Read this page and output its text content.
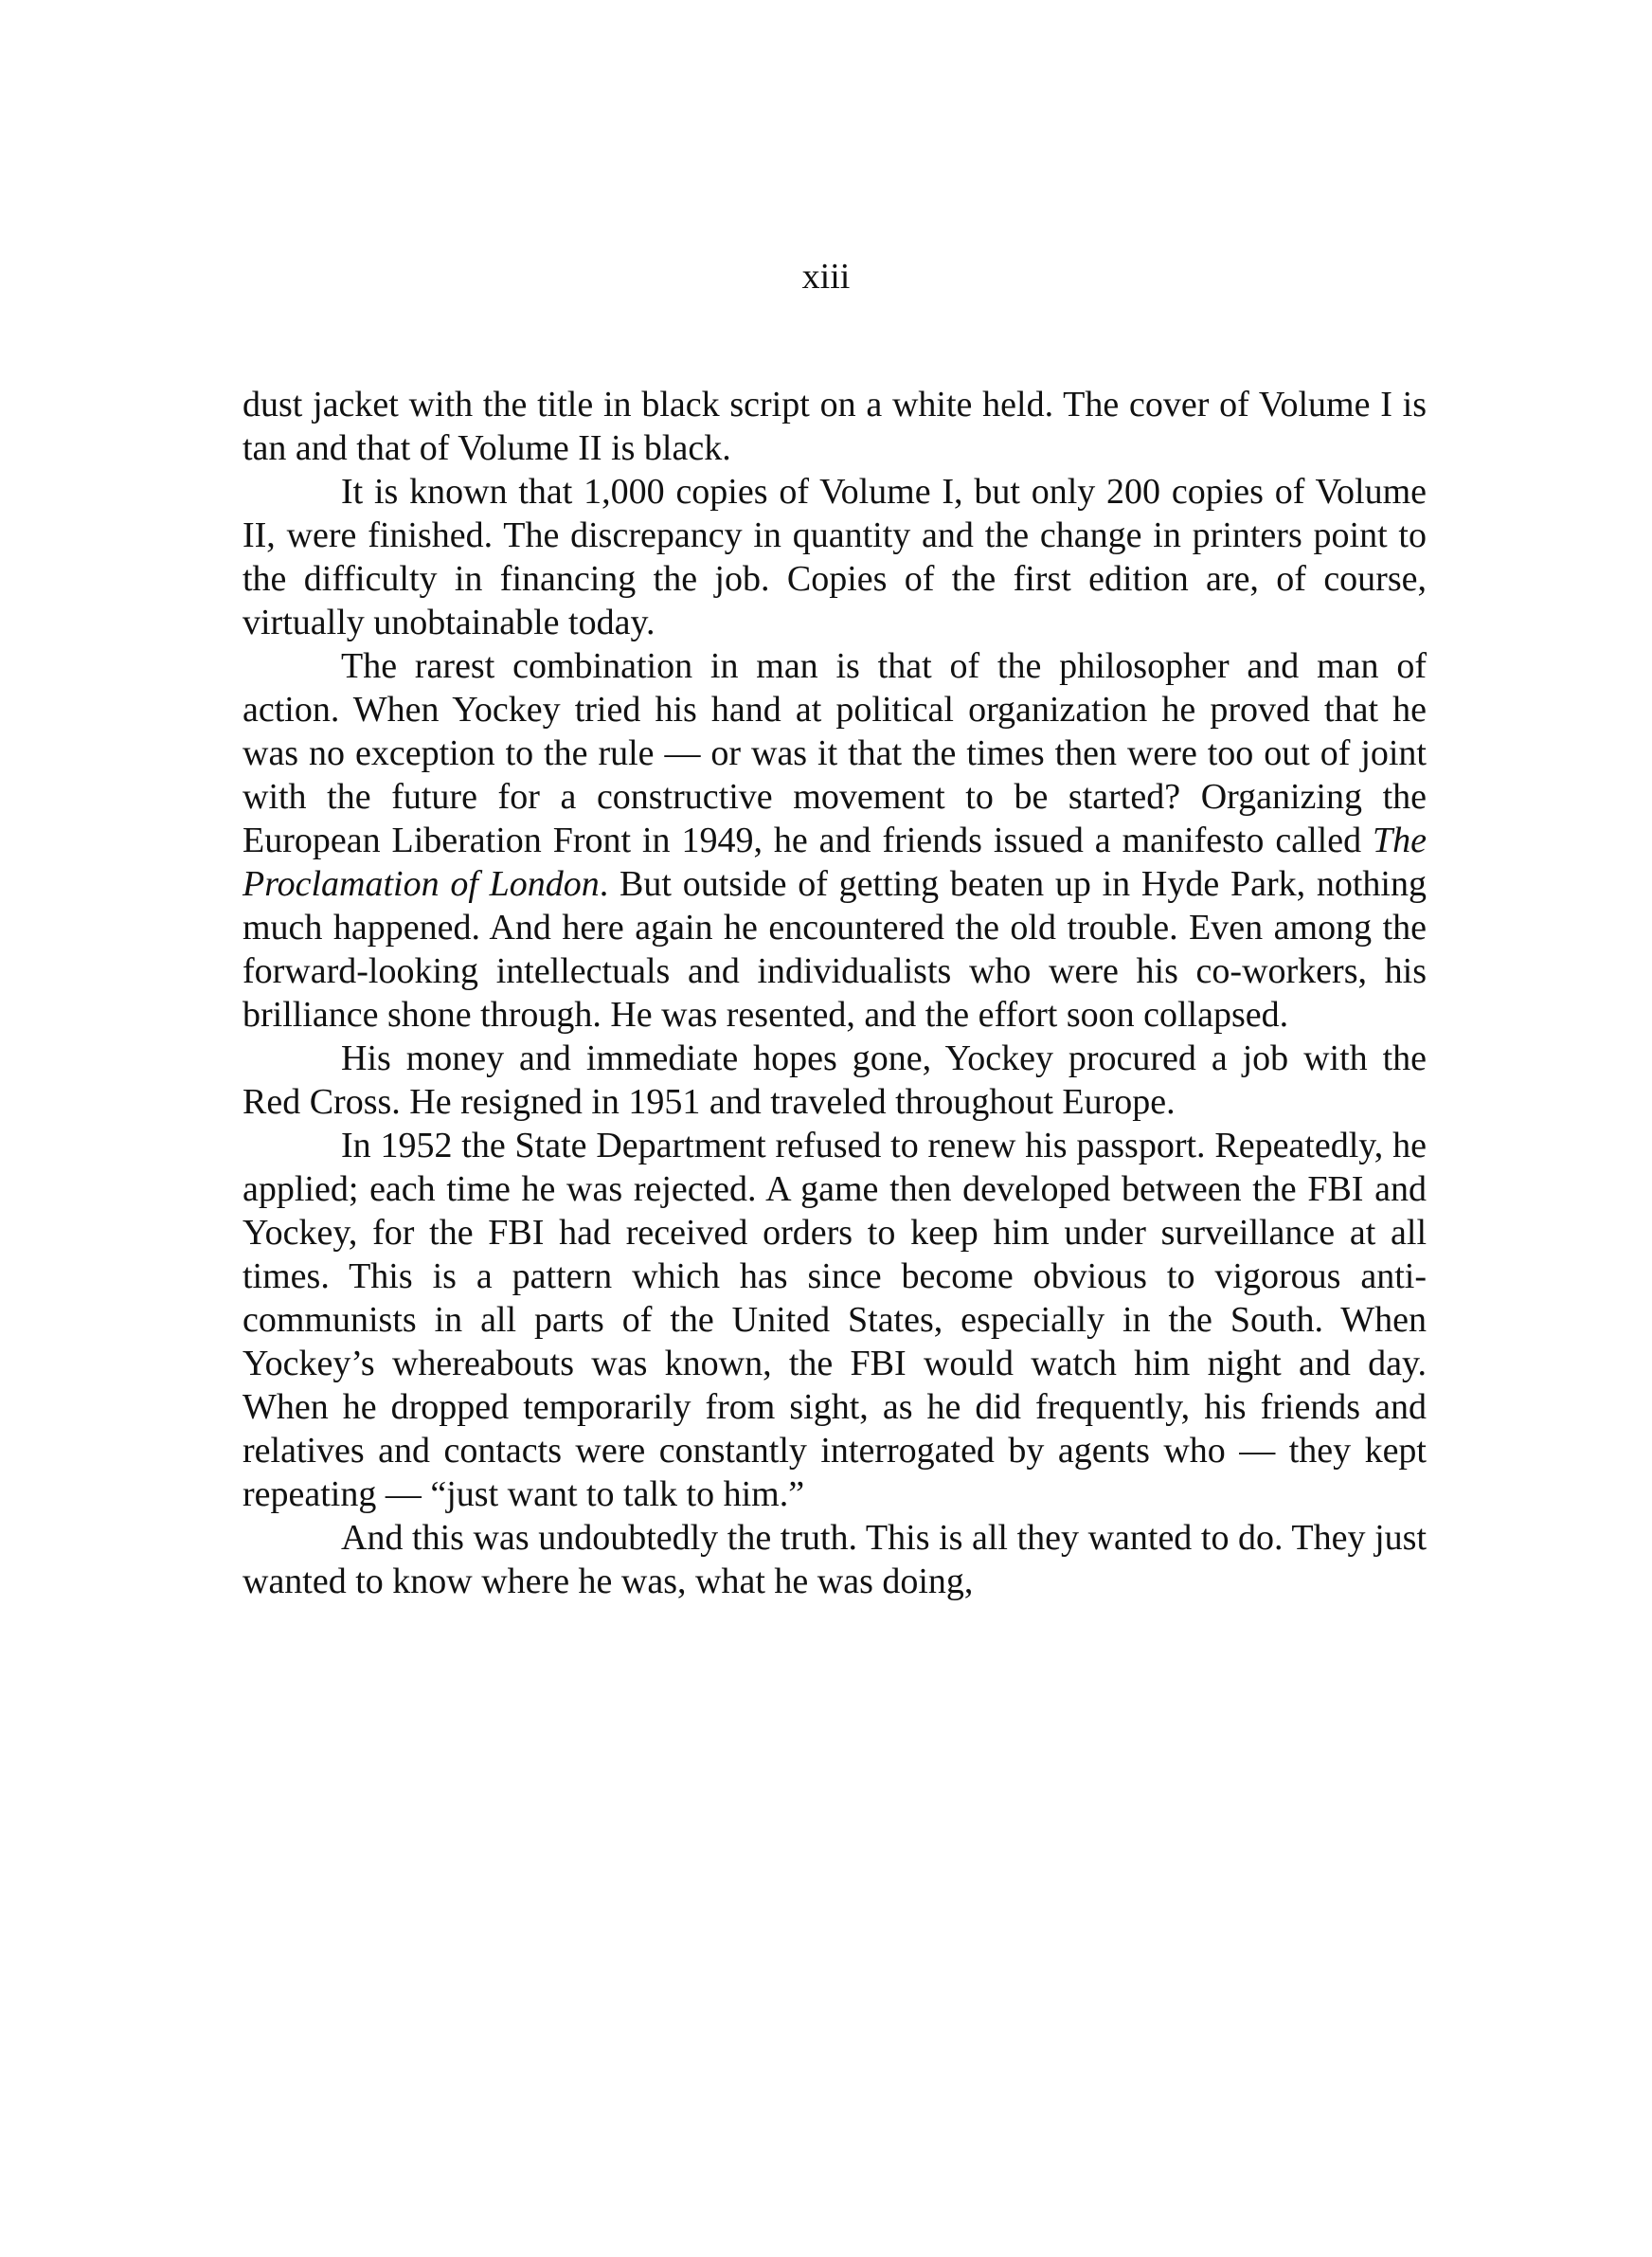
xiii

dust jacket with the title in black script on a white held. The cover of Volume I is tan and that of Volume II is black.

It is known that 1,000 copies of Volume I, but only 200 copies of Volume II, were finished. The discrepancy in quantity and the change in printers point to the difficulty in financing the job. Copies of the first edition are, of course, virtually unobtainable today.

The rarest combination in man is that of the philosopher and man of action. When Yockey tried his hand at political organization he proved that he was no exception to the rule — or was it that the times then were too out of joint with the future for a constructive movement to be started? Organizing the European Liberation Front in 1949, he and friends issued a manifesto called The Proclamation of London. But outside of getting beaten up in Hyde Park, nothing much happened. And here again he encountered the old trouble. Even among the forward-looking intellectuals and individualists who were his co-workers, his brilliance shone through. He was resented, and the effort soon collapsed.

His money and immediate hopes gone, Yockey procured a job with the Red Cross. He resigned in 1951 and traveled throughout Europe.

In 1952 the State Department refused to renew his passport. Repeatedly, he applied; each time he was rejected. A game then developed between the FBI and Yockey, for the FBI had received orders to keep him under surveillance at all times. This is a pattern which has since become obvious to vigorous anti-communists in all parts of the United States, especially in the South. When Yockey’s whereabouts was known, the FBI would watch him night and day. When he dropped temporarily from sight, as he did frequently, his friends and relatives and contacts were constantly interrogated by agents who — they kept repeating — “just want to talk to him.”

And this was undoubtedly the truth. This is all they wanted to do. They just wanted to know where he was, what he was doing,
